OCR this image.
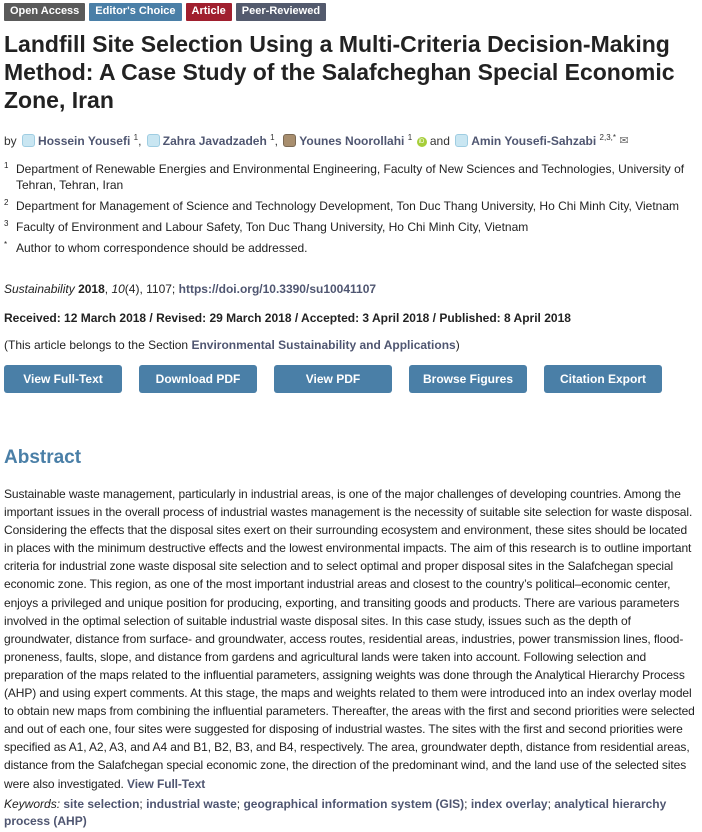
Open Access	Editor's Choice	Article	Peer-Reviewed
Landfill Site Selection Using a Multi-Criteria Decision-Making Method: A Case Study of the Salafcheghan Special Economic Zone, Iran
by Hossein Yousefi $^1$, Zahra Javadzadeh $^1$, Younes Noorollahi $^1$ iD and Amin Yousefi-Sahzabi $^{2,3,*}$ ✉
1 Department of Renewable Energies and Environmental Engineering, Faculty of New Sciences and Technologies, University of Tehran, Tehran, Iran
2 Department for Management of Science and Technology Development, Ton Duc Thang University, Ho Chi Minh City, Vietnam
3 Faculty of Environment and Labour Safety, Ton Duc Thang University, Ho Chi Minh City, Vietnam
* Author to whom correspondence should be addressed.
Sustainability 2018, 10(4), 1107; https://doi.org/10.3390/su10041107
Received: 12 March 2018 / Revised: 29 March 2018 / Accepted: 3 April 2018 / Published: 8 April 2018
(This article belongs to the Section Environmental Sustainability and Applications)
View Full-Text	Download PDF	View PDF	Browse Figures	Citation Export
Abstract
Sustainable waste management, particularly in industrial areas, is one of the major challenges of developing countries. Among the important issues in the overall process of industrial wastes management is the necessity of suitable site selection for waste disposal. Considering the effects that the disposal sites exert on their surrounding ecosystem and environment, these sites should be located in places with the minimum destructive effects and the lowest environmental impacts. The aim of this research is to outline important criteria for industrial zone waste disposal site selection and to select optimal and proper disposal sites in the Salafchegan special economic zone. This region, as one of the most important industrial areas and closest to the country’s political–economic center, enjoys a privileged and unique position for producing, exporting, and transiting goods and products. There are various parameters involved in the optimal selection of suitable industrial waste disposal sites. In this case study, issues such as the depth of groundwater, distance from surface- and groundwater, access routes, residential areas, industries, power transmission lines, flood-proneness, faults, slope, and distance from gardens and agricultural lands were taken into account. Following selection and preparation of the maps related to the influential parameters, assigning weights was done through the Analytical Hierarchy Process (AHP) and using expert comments. At this stage, the maps and weights related to them were introduced into an index overlay model to obtain new maps from combining the influential parameters. Thereafter, the areas with the first and second priorities were selected and out of each one, four sites were suggested for disposing of industrial wastes. The sites with the first and second priorities were specified as A1, A2, A3, and A4 and B1, B2, B3, and B4, respectively. The area, groundwater depth, distance from residential areas, distance from the Salafchegan special economic zone, the direction of the predominant wind, and the land use of the selected sites were also investigated. View Full-Text
Keywords: site selection; industrial waste; geographical information system (GIS); index overlay; analytical hierarchy process (AHP)
